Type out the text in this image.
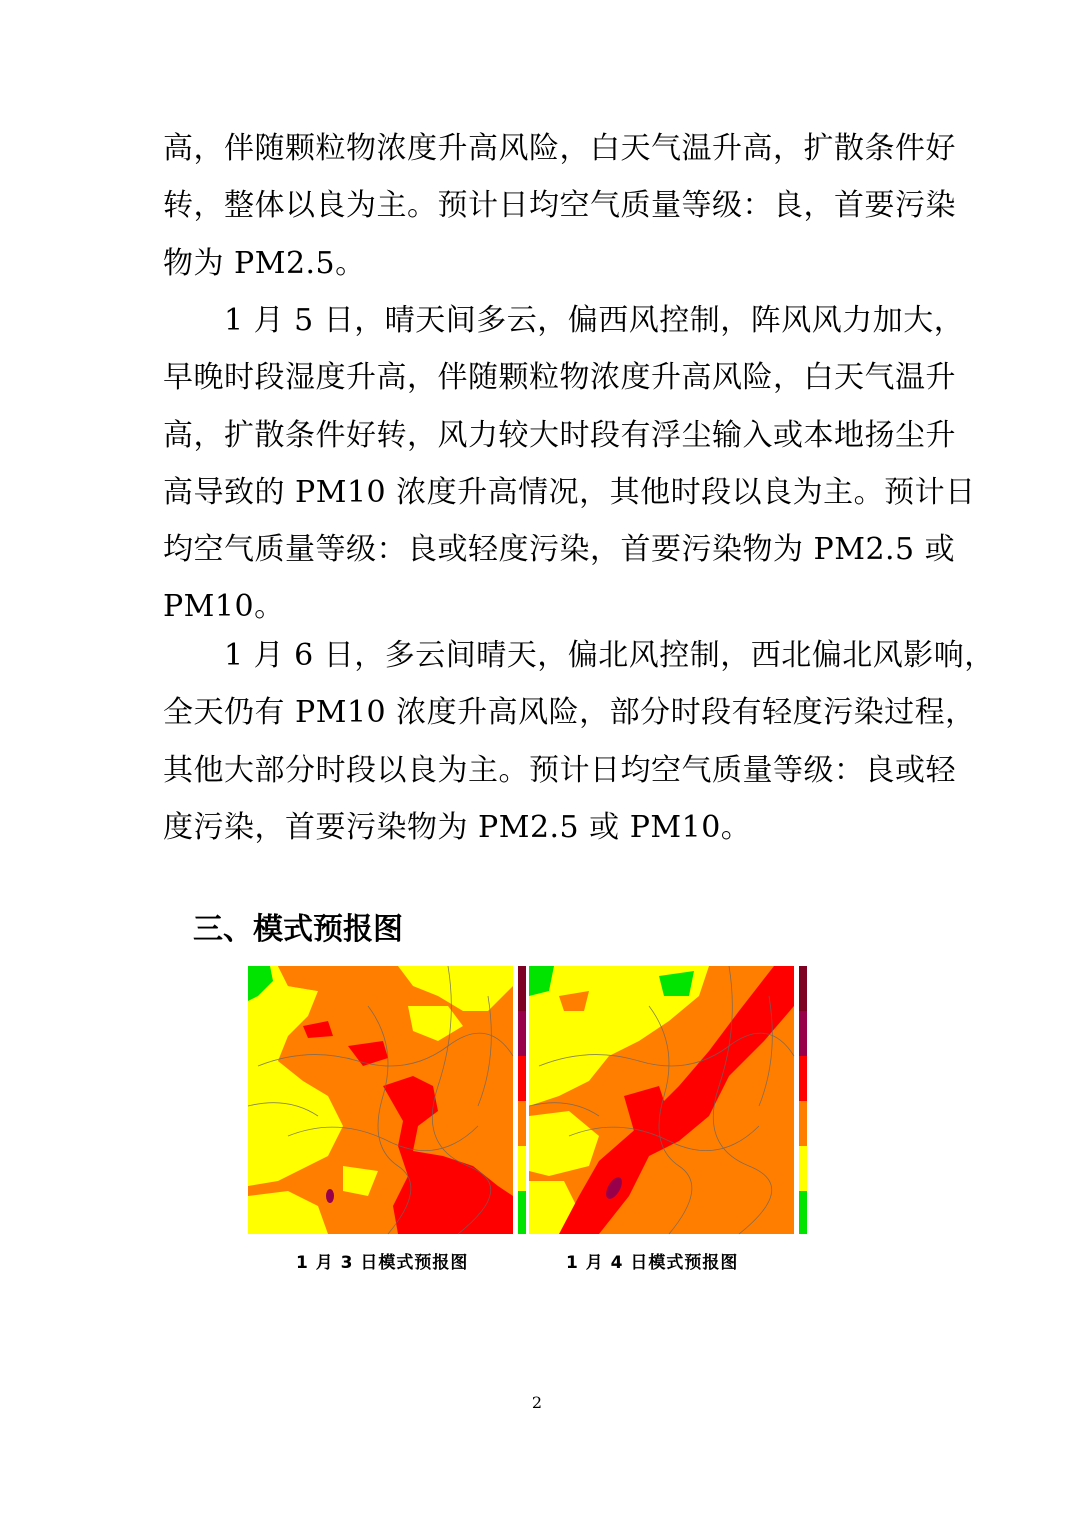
高，伴随颗粒物浓度升高风险，白天气温升高，扩散条件好
转，整体以良为主。预计日均空气质量等级：良，首要污染
物为 PM2.5。
　　1 月 5 日，晴天间多云，偏西风控制，阵风风力加大，
早晚时段湿度升高，伴随颗粒物浓度升高风险，白天气温升
高，扩散条件好转，风力较大时段有浮尘输入或本地扬尘升
高导致的 PM10 浓度升高情况，其他时段以良为主。预计日
均空气质量等级：良或轻度污染，首要污染物为 PM2.5 或
PM10。
　　1 月 6 日，多云间晴天，偏北风控制，西北偏北风影响，
全天仍有 PM10 浓度升高风险，部分时段有轻度污染过程，
其他大部分时段以良为主。预计日均空气质量等级：良或轻
度污染，首要污染物为 PM2.5 或 PM10。
三、模式预报图
1 月 3 日模式预报图	1 月 4 日模式预报图
2
